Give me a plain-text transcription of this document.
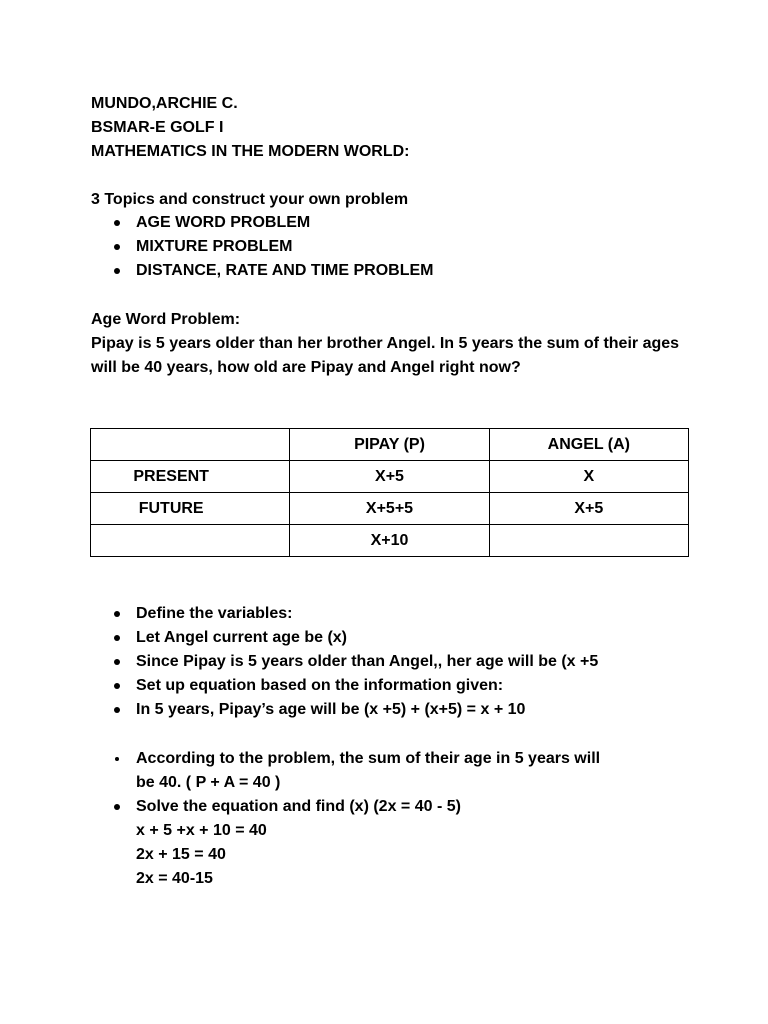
MUNDO,ARCHIE C.
BSMAR-E GOLF I
MATHEMATICS IN THE MODERN WORLD:
3 Topics and construct your own problem
AGE WORD PROBLEM
MIXTURE PROBLEM
DISTANCE, RATE AND TIME PROBLEM
Age Word Problem:
Pipay is 5 years older than her brother Angel. In 5 years the sum of their ages will be 40 years, how old are Pipay and Angel right now?
	PIPAY (P)	ANGEL (A)
PRESENT	X+5	X
FUTURE	X+5+5	X+5
	X+10	
Define the variables:
Let Angel current age be (x)
Since Pipay is 5 years older than Angel,, her age will be (x +5
Set up equation based on the information given:
In 5 years, Pipay’s age will be (x +5) + (x+5) = x + 10
According to the problem, the sum of their age in 5 years will
be 40. ( P + A = 40 )
Solve the equation and find (x) (2x = 40 - 5)
x + 5 +x + 10 = 40
2x + 15 = 40
2x = 40-15
